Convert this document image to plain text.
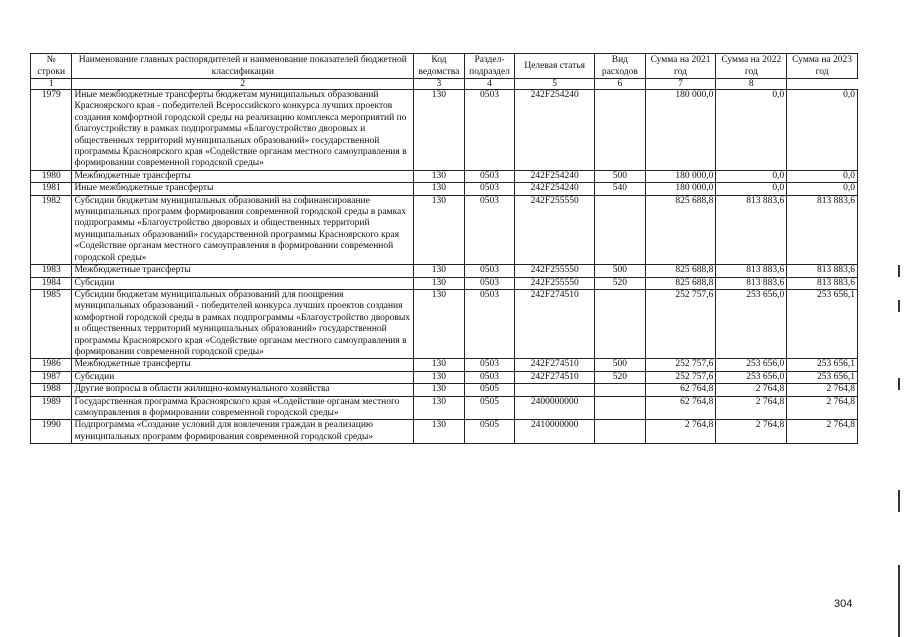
№ строки	Наименование главных распорядителей и наименование показателей бюджетной классификации	Код ведомства	Раздел-подраздел	Целевая статья	Вид расходов	Сумма на 2021 год	Сумма на 2022 год	Сумма на 2023 год
1	2	3	4	5	6	7	8	
1979	Иные межбюджетные трансферты бюджетам муниципальных образований Красноярского края - победителей Всероссийского конкурса лучших проектов создания комфортной городской среды на реализацию комплекса мероприятий по благоустройству в рамках подпрограммы «Благоустройство дворовых и общественных территорий муниципальных образований» государственной программы Красноярского края «Содействие органам местного самоуправления в формировании современной городской среды»	130	0503	242F254240		180 000,0	0,0	0,0
1980	Межбюджетные трансферты	130	0503	242F254240	500	180 000,0	0,0	0,0
1981	Иные межбюджетные трансферты	130	0503	242F254240	540	180 000,0	0,0	0,0
1982	Субсидии бюджетам муниципальных образований на софинансирование муниципальных программ формирования современной городской среды в рамках подпрограммы «Благоустройство дворовых и общественных территорий муниципальных образований» государственной программы Красноярского края «Содействие органам местного самоуправления в формировании современной городской среды»	130	0503	242F255550		825 688,8	813 883,6	813 883,6
1983	Межбюджетные трансферты	130	0503	242F255550	500	825 688,8	813 883,6	813 883,6
1984	Субсидии	130	0503	242F255550	520	825 688,8	813 883,6	813 883,6
1985	Субсидии бюджетам муниципальных образований для поощрения муниципальных образований - победителей конкурса лучших проектов создания комфортной городской среды в рамках подпрограммы «Благоустройство дворовых и общественных территорий муниципальных образований» государственной программы Красноярского края «Содействие органам местного самоуправления в формировании современной городской среды»	130	0503	242F274510		252 757,6	253 656,0	253 656,1
1986	Межбюджетные трансферты	130	0503	242F274510	500	252 757,6	253 656,0	253 656,1
1987	Субсидии	130	0503	242F274510	520	252 757,6	253 656,0	253 656,1
1988	Другие вопросы в области жилищно-коммунального хозяйства	130	0505			62 764,8	2 764,8	2 764,8
1989	Государственная программа Красноярского края «Содействие органам местного самоуправления в формировании современной городской среды»	130	0505	2400000000		62 764,8	2 764,8	2 764,8
1990	Подпрограмма «Создание условий для вовлечения граждан в реализацию муниципальных программ формирования современной городской среды»	130	0505	2410000000		2 764,8	2 764,8	2 764,8
304
